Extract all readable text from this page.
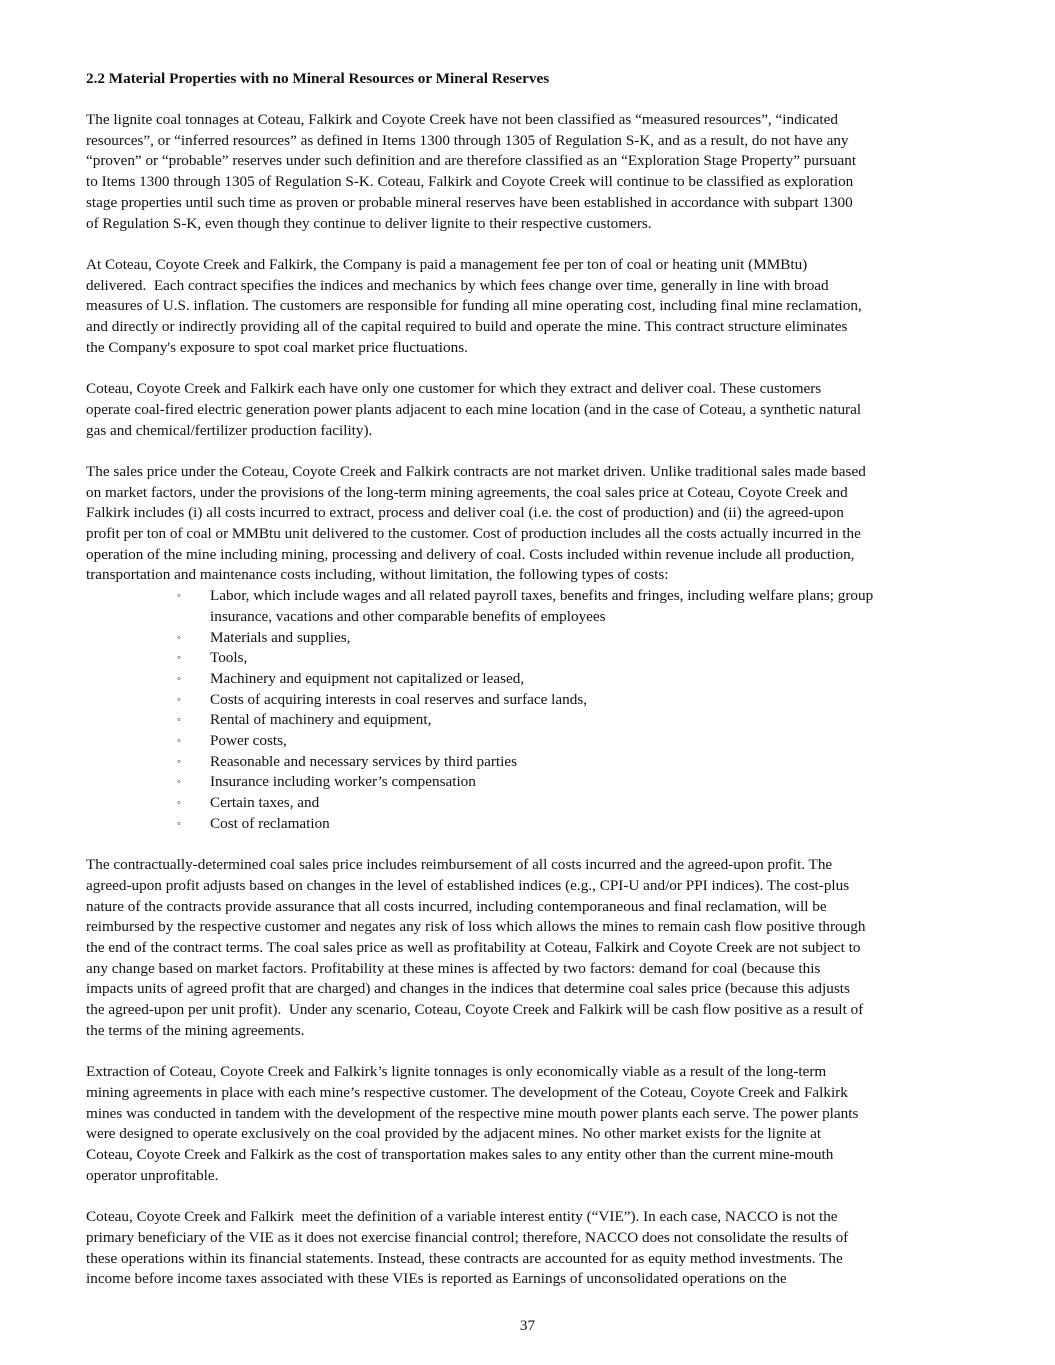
2.2 Material Properties with no Mineral Resources or Mineral Reserves

The lignite coal tonnages at Coteau, Falkirk and Coyote Creek have not been classified as “measured resources”, “indicated
resources”, or “inferred resources” as defined in Items 1300 through 1305 of Regulation S-K, and as a result, do not have any
“proven” or “probable” reserves under such definition and are therefore classified as an “Exploration Stage Property” pursuant
to Items 1300 through 1305 of Regulation S-K. Coteau, Falkirk and Coyote Creek will continue to be classified as exploration
stage properties until such time as proven or probable mineral reserves have been established in accordance with subpart 1300
of Regulation S-K, even though they continue to deliver lignite to their respective customers.

At Coteau, Coyote Creek and Falkirk, the Company is paid a management fee per ton of coal or heating unit (MMBtu)
delivered.  Each contract specifies the indices and mechanics by which fees change over time, generally in line with broad
measures of U.S. inflation. The customers are responsible for funding all mine operating cost, including final mine reclamation,
and directly or indirectly providing all of the capital required to build and operate the mine. This contract structure eliminates
the Company's exposure to spot coal market price fluctuations.

Coteau, Coyote Creek and Falkirk each have only one customer for which they extract and deliver coal. These customers
operate coal-fired electric generation power plants adjacent to each mine location (and in the case of Coteau, a synthetic natural
gas and chemical/fertilizer production facility).

The sales price under the Coteau, Coyote Creek and Falkirk contracts are not market driven. Unlike traditional sales made based
on market factors, under the provisions of the long-term mining agreements, the coal sales price at Coteau, Coyote Creek and
Falkirk includes (i) all costs incurred to extract, process and deliver coal (i.e. the cost of production) and (ii) the agreed-upon
profit per ton of coal or MMBtu unit delivered to the customer. Cost of production includes all the costs actually incurred in the
operation of the mine including mining, processing and delivery of coal. Costs included within revenue include all production,
transportation and maintenance costs including, without limitation, the following types of costs:

◦ Labor, which include wages and all related payroll taxes, benefits and fringes, including welfare plans; group
insurance, vacations and other comparable benefits of employees
◦ Materials and supplies,
◦ Tools,
◦ Machinery and equipment not capitalized or leased,
◦ Costs of acquiring interests in coal reserves and surface lands,
◦ Rental of machinery and equipment,
◦ Power costs,
◦ Reasonable and necessary services by third parties
◦ Insurance including worker’s compensation
◦ Certain taxes, and
◦ Cost of reclamation

The contractually-determined coal sales price includes reimbursement of all costs incurred and the agreed-upon profit. The
agreed-upon profit adjusts based on changes in the level of established indices (e.g., CPI-U and/or PPI indices). The cost-plus
nature of the contracts provide assurance that all costs incurred, including contemporaneous and final reclamation, will be
reimbursed by the respective customer and negates any risk of loss which allows the mines to remain cash flow positive through
the end of the contract terms. The coal sales price as well as profitability at Coteau, Falkirk and Coyote Creek are not subject to
any change based on market factors. Profitability at these mines is affected by two factors: demand for coal (because this
impacts units of agreed profit that are charged) and changes in the indices that determine coal sales price (because this adjusts
the agreed-upon per unit profit).  Under any scenario, Coteau, Coyote Creek and Falkirk will be cash flow positive as a result of
the terms of the mining agreements.

Extraction of Coteau, Coyote Creek and Falkirk’s lignite tonnages is only economically viable as a result of the long-term
mining agreements in place with each mine’s respective customer. The development of the Coteau, Coyote Creek and Falkirk
mines was conducted in tandem with the development of the respective mine mouth power plants each serve. The power plants
were designed to operate exclusively on the coal provided by the adjacent mines. No other market exists for the lignite at
Coteau, Coyote Creek and Falkirk as the cost of transportation makes sales to any entity other than the current mine-mouth
operator unprofitable.

Coteau, Coyote Creek and Falkirk  meet the definition of a variable interest entity (“VIE”). In each case, NACCO is not the
primary beneficiary of the VIE as it does not exercise financial control; therefore, NACCO does not consolidate the results of
these operations within its financial statements. Instead, these contracts are accounted for as equity method investments. The
income before income taxes associated with these VIEs is reported as Earnings of unconsolidated operations on the

37
